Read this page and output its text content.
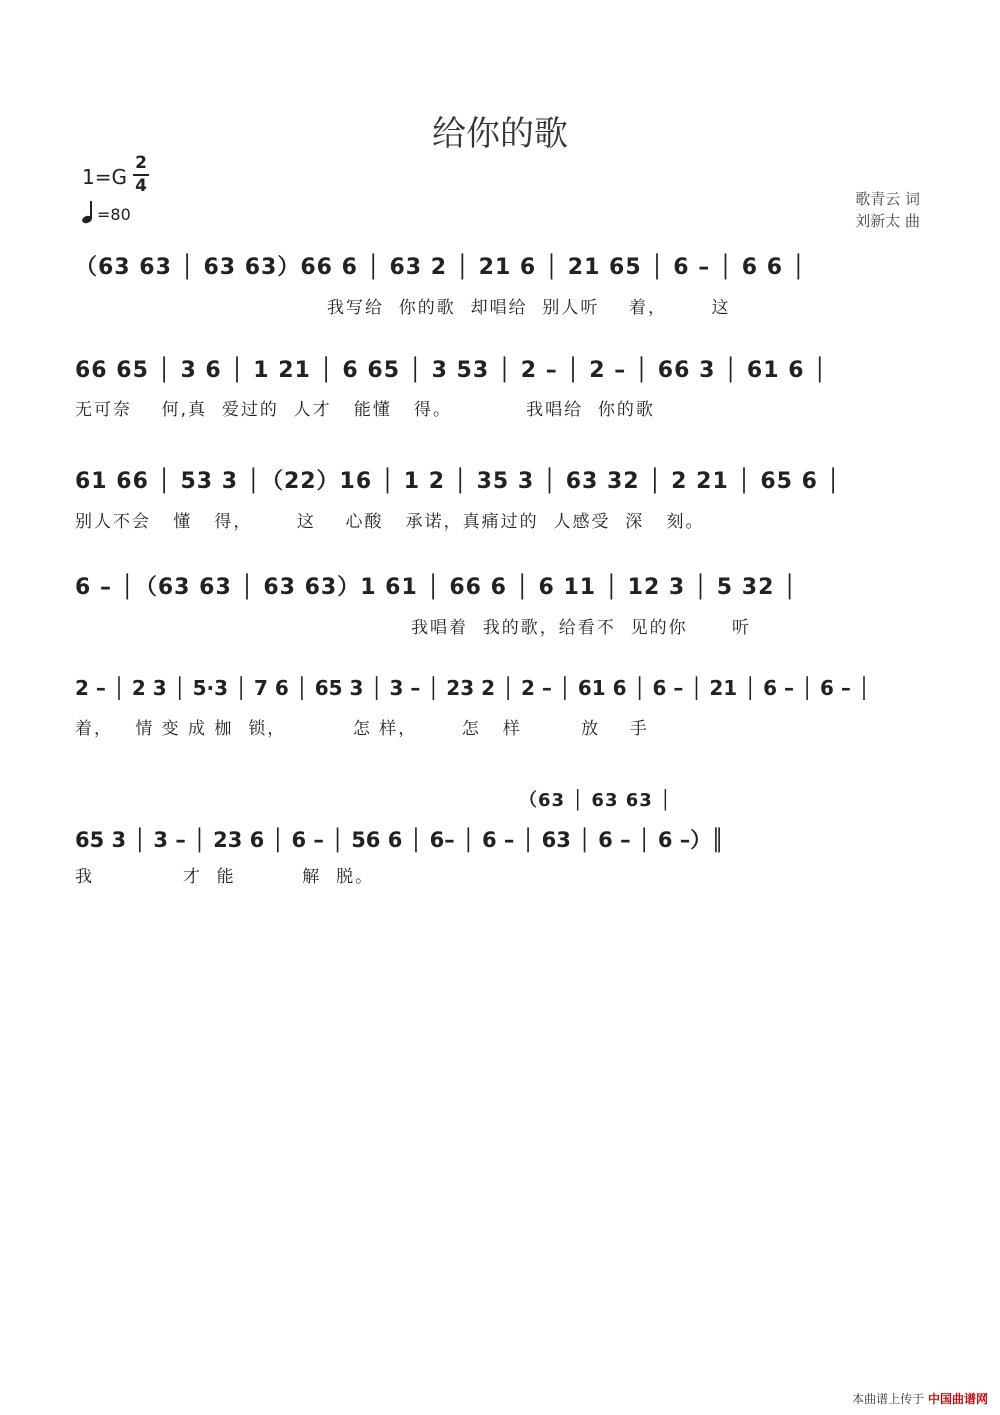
给你的歌
1=G
2
4
=80
歌青云 词
刘新太 曲
（63 63 │ 63 63）66 6 │ 63 2 │ 21 6 │ 21 65 │ 6 – │ 6 6 │
我写给  你的歌  却唱给  别人听    着，      这
66 65 │ 3 6 │ 1 21 │ 6 65 │ 3 53 │ 2 – │ 2 – │ 66 3 │ 61 6 │
无可奈    何,真  爱过的  人才   能懂   得。          我唱给  你的歌
61 66 │ 53 3 │（22）16 │ 1 2 │ 35 3 │ 63 32 │ 2 21 │ 65 6 │
别人不会   懂   得，      这    心酸   承诺，真痛过的  人感受  深   刻。
6 – │（63 63 │ 63 63）1 61 │ 66 6 │ 6 11 │ 12 3 │ 5 32 │
我唱着  我的歌，给看不  见的你      听
2 – │ 2 3 │ 5·3 │ 7 6 │ 65 3 │ 3 – │ 23 2 │ 2 – │ 61 6 │ 6 – │ 21 │ 6 – │ 6 – │
着，   情 变 成 枷  锁，         怎 样，      怎   样        放    手
（63 │ 63 63 │
65 3 │ 3 – │ 23 6 │ 6 – │ 56 6 │ 6– │ 6 – │ 63 │ 6 – │ 6 –）║
我            才  能         解  脱。
本曲谱上传于 中国曲谱网
